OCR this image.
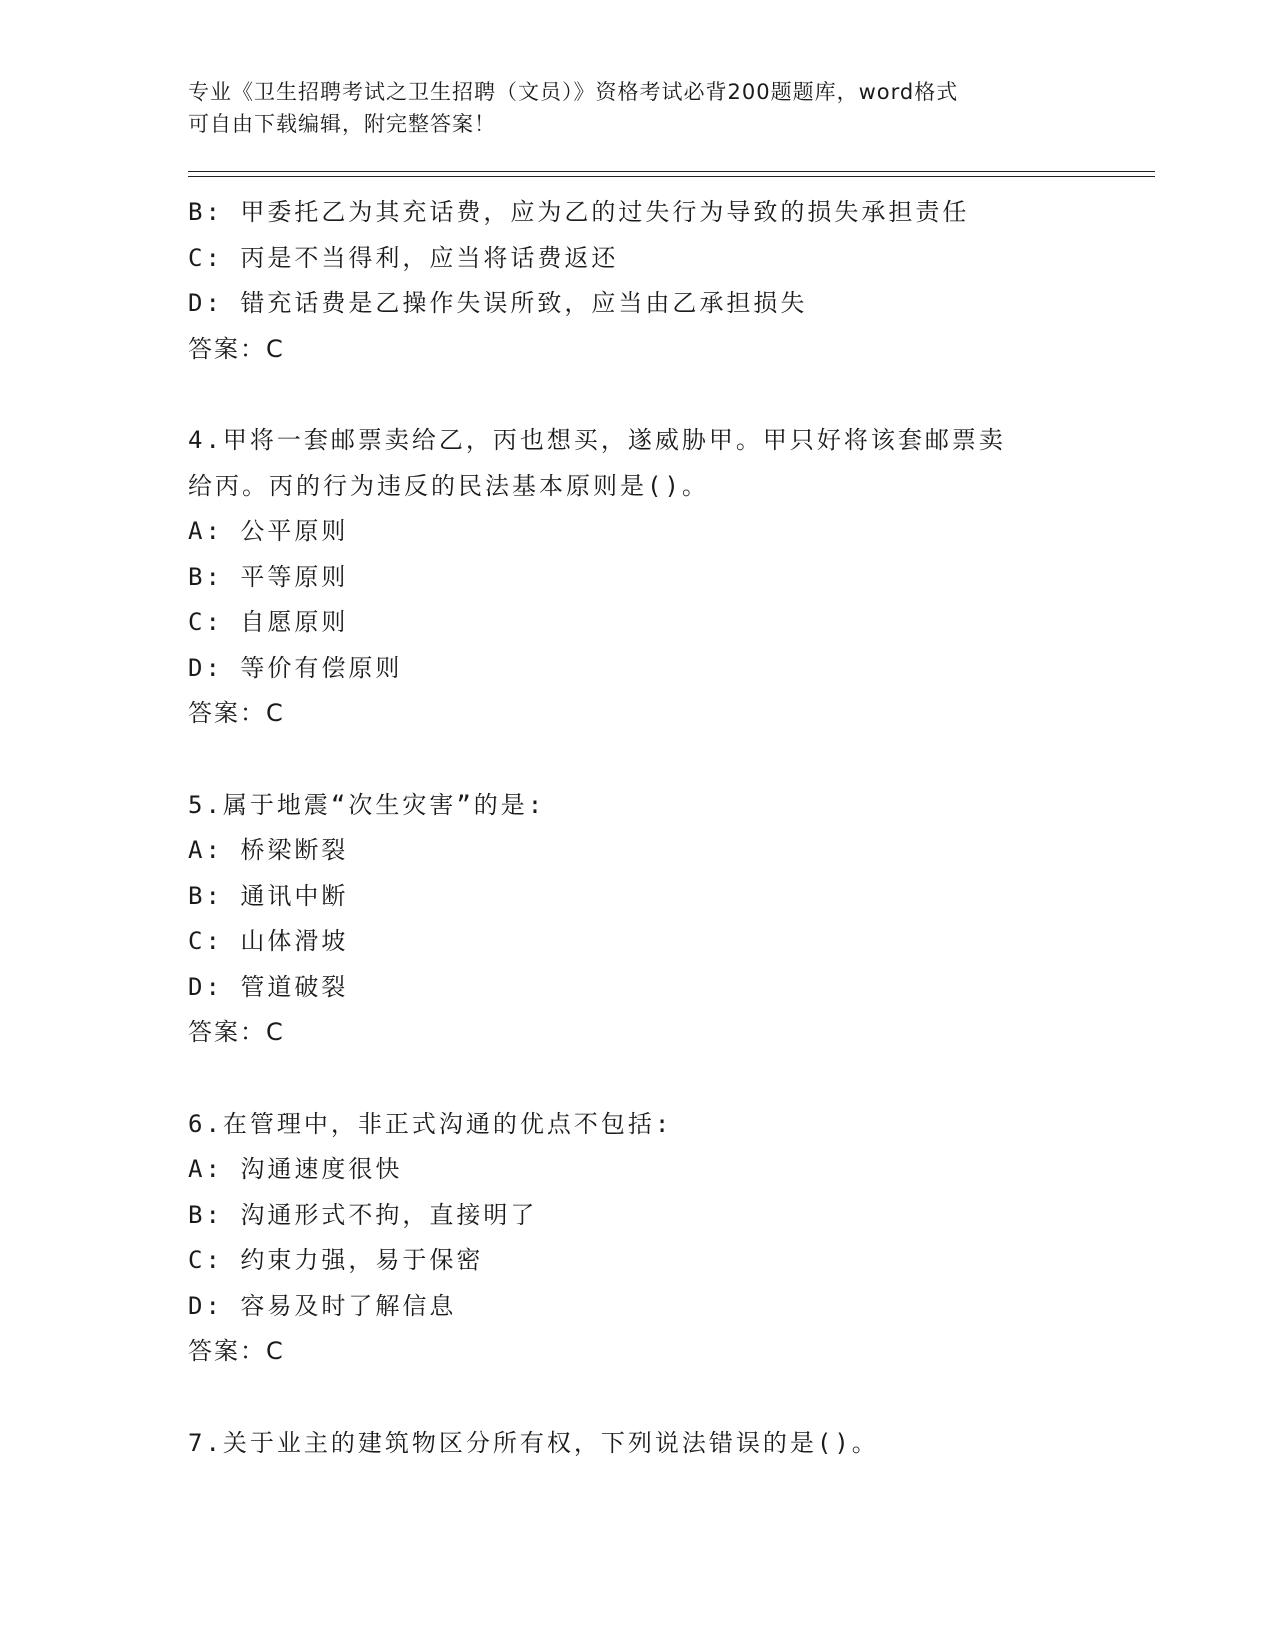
专业《卫生招聘考试之卫生招聘（文员）》资格考试必背200题题库，word格式
可自由下载编辑，附完整答案！
B: 甲委托乙为其充话费，应为乙的过失行为导致的损失承担责任
C: 丙是不当得利，应当将话费返还
D: 错充话费是乙操作失误所致，应当由乙承担损失
答案：C
4.甲将一套邮票卖给乙，丙也想买，遂威胁甲。甲只好将该套邮票卖
给丙。丙的行为违反的民法基本原则是()。
A: 公平原则
B: 平等原则
C: 自愿原则
D: 等价有偿原则
答案：C
5.属于地震“次生灾害”的是:
A: 桥梁断裂
B: 通讯中断
C: 山体滑坡
D: 管道破裂
答案：C
6.在管理中，非正式沟通的优点不包括:
A: 沟通速度很快
B: 沟通形式不拘，直接明了
C: 约束力强，易于保密
D: 容易及时了解信息
答案：C
7.关于业主的建筑物区分所有权，下列说法错误的是()。
